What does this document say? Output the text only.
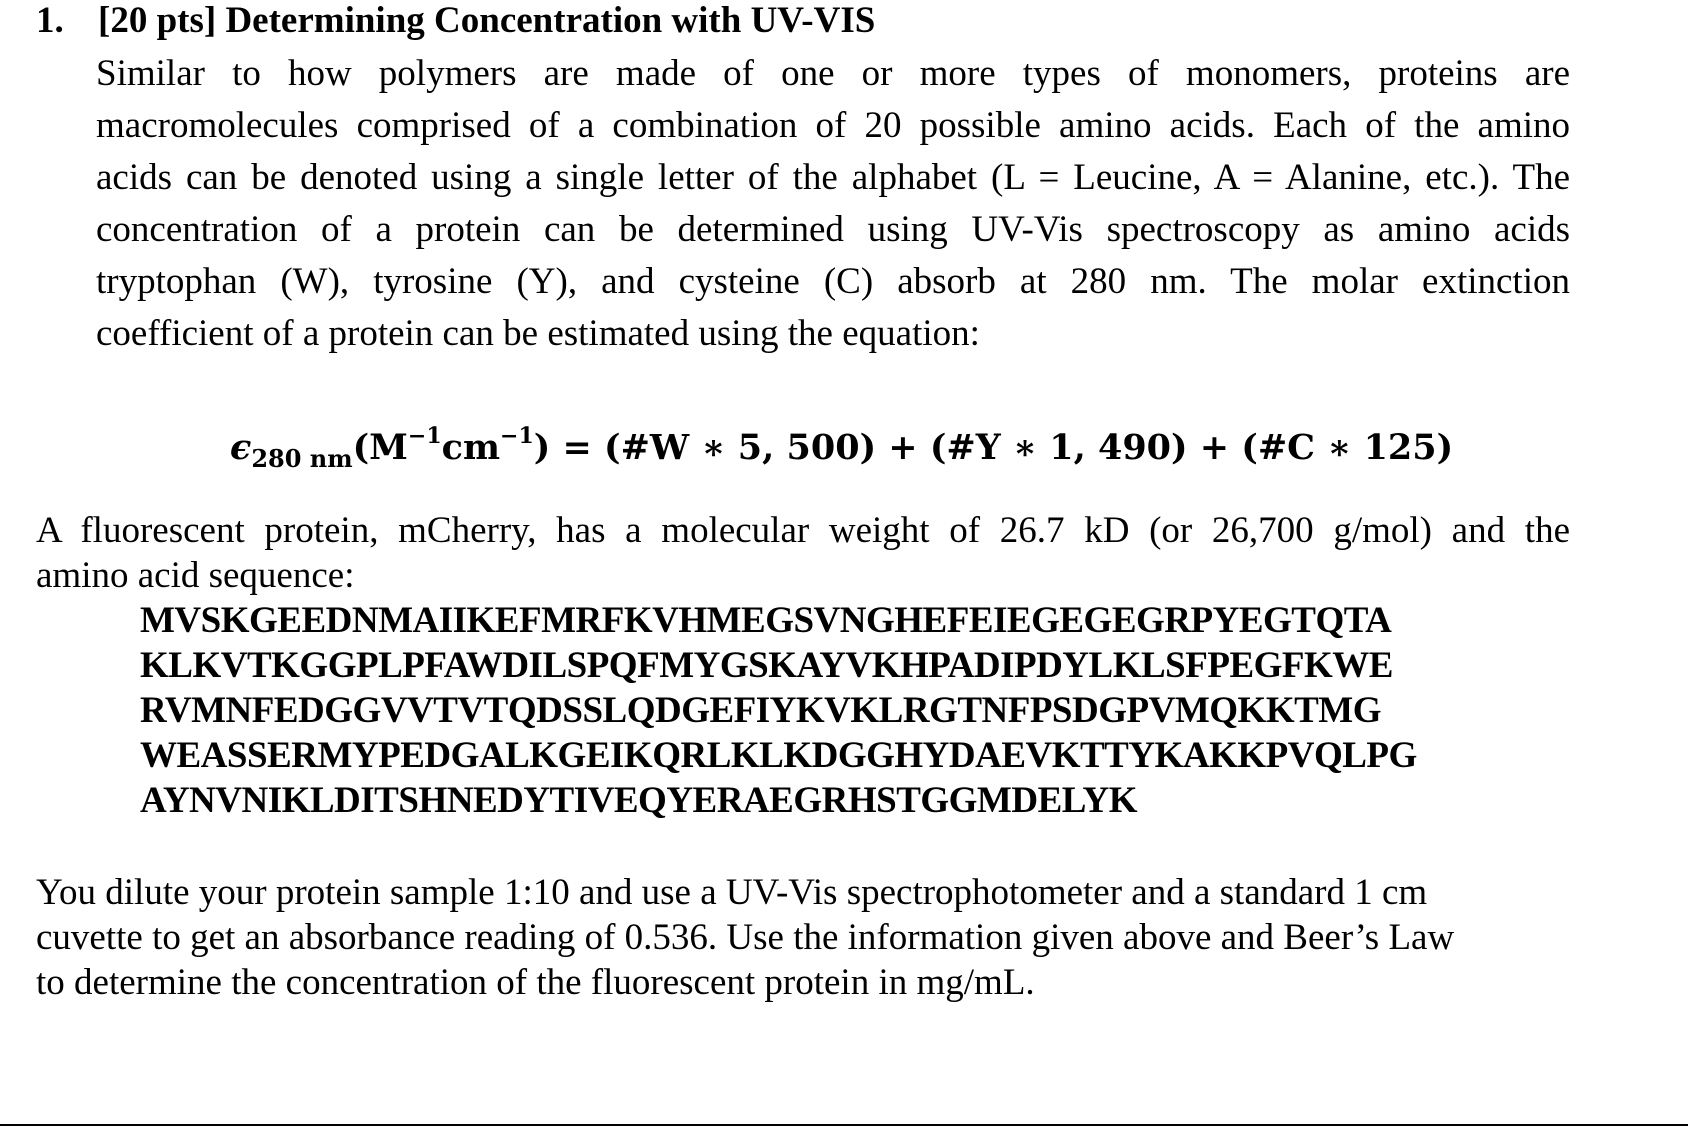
1. [20 pts] Determining Concentration with UV-VIS
Similar to how polymers are made of one or more types of monomers, proteins are
macromolecules comprised of a combination of 20 possible amino acids. Each of the amino
acids can be denoted using a single letter of the alphabet (L = Leucine, A = Alanine, etc.). The
concentration of a protein can be determined using UV-Vis spectroscopy as amino acids
tryptophan (W), tyrosine (Y), and cysteine (C) absorb at 280 nm. The molar extinction
coefficient of a protein can be estimated using the equation:
$\epsilon_{280 nm}(M^{-1}cm^{-1})$ = (#W ∗ 5, 500) + (#Y ∗ 1, 490) + (#C ∗ 125)
A fluorescent protein, mCherry, has a molecular weight of 26.7 kD (or 26,700 g/mol) and the
amino acid sequence:
MVSKGEEDNMAIIKEFMRFKVHMEGSVNGHEFEIEGEGEGRPYEGTQTA
KLKVTKGGPLPFAWDILSPQFMYGSKAYVKHPADIPDYLKLSFPEGFKWE
RVMNFEDGGVVTVTQDSSLQDGEFIYKVKLRGTNFPSDGPVMQKKTMG
WEASSERMYPEDGALKGEIKQRLKLKDGGHYDAEVKTTYKAKKPVQLPG
AYNVNIKLDITSHNEDYTIVEQYERAEGRHSTGGMDELYK
You dilute your protein sample 1:10 and use a UV-Vis spectrophotometer and a standard 1 cm
cuvette to get an absorbance reading of 0.536. Use the information given above and Beer’s Law
to determine the concentration of the fluorescent protein in mg/mL.
